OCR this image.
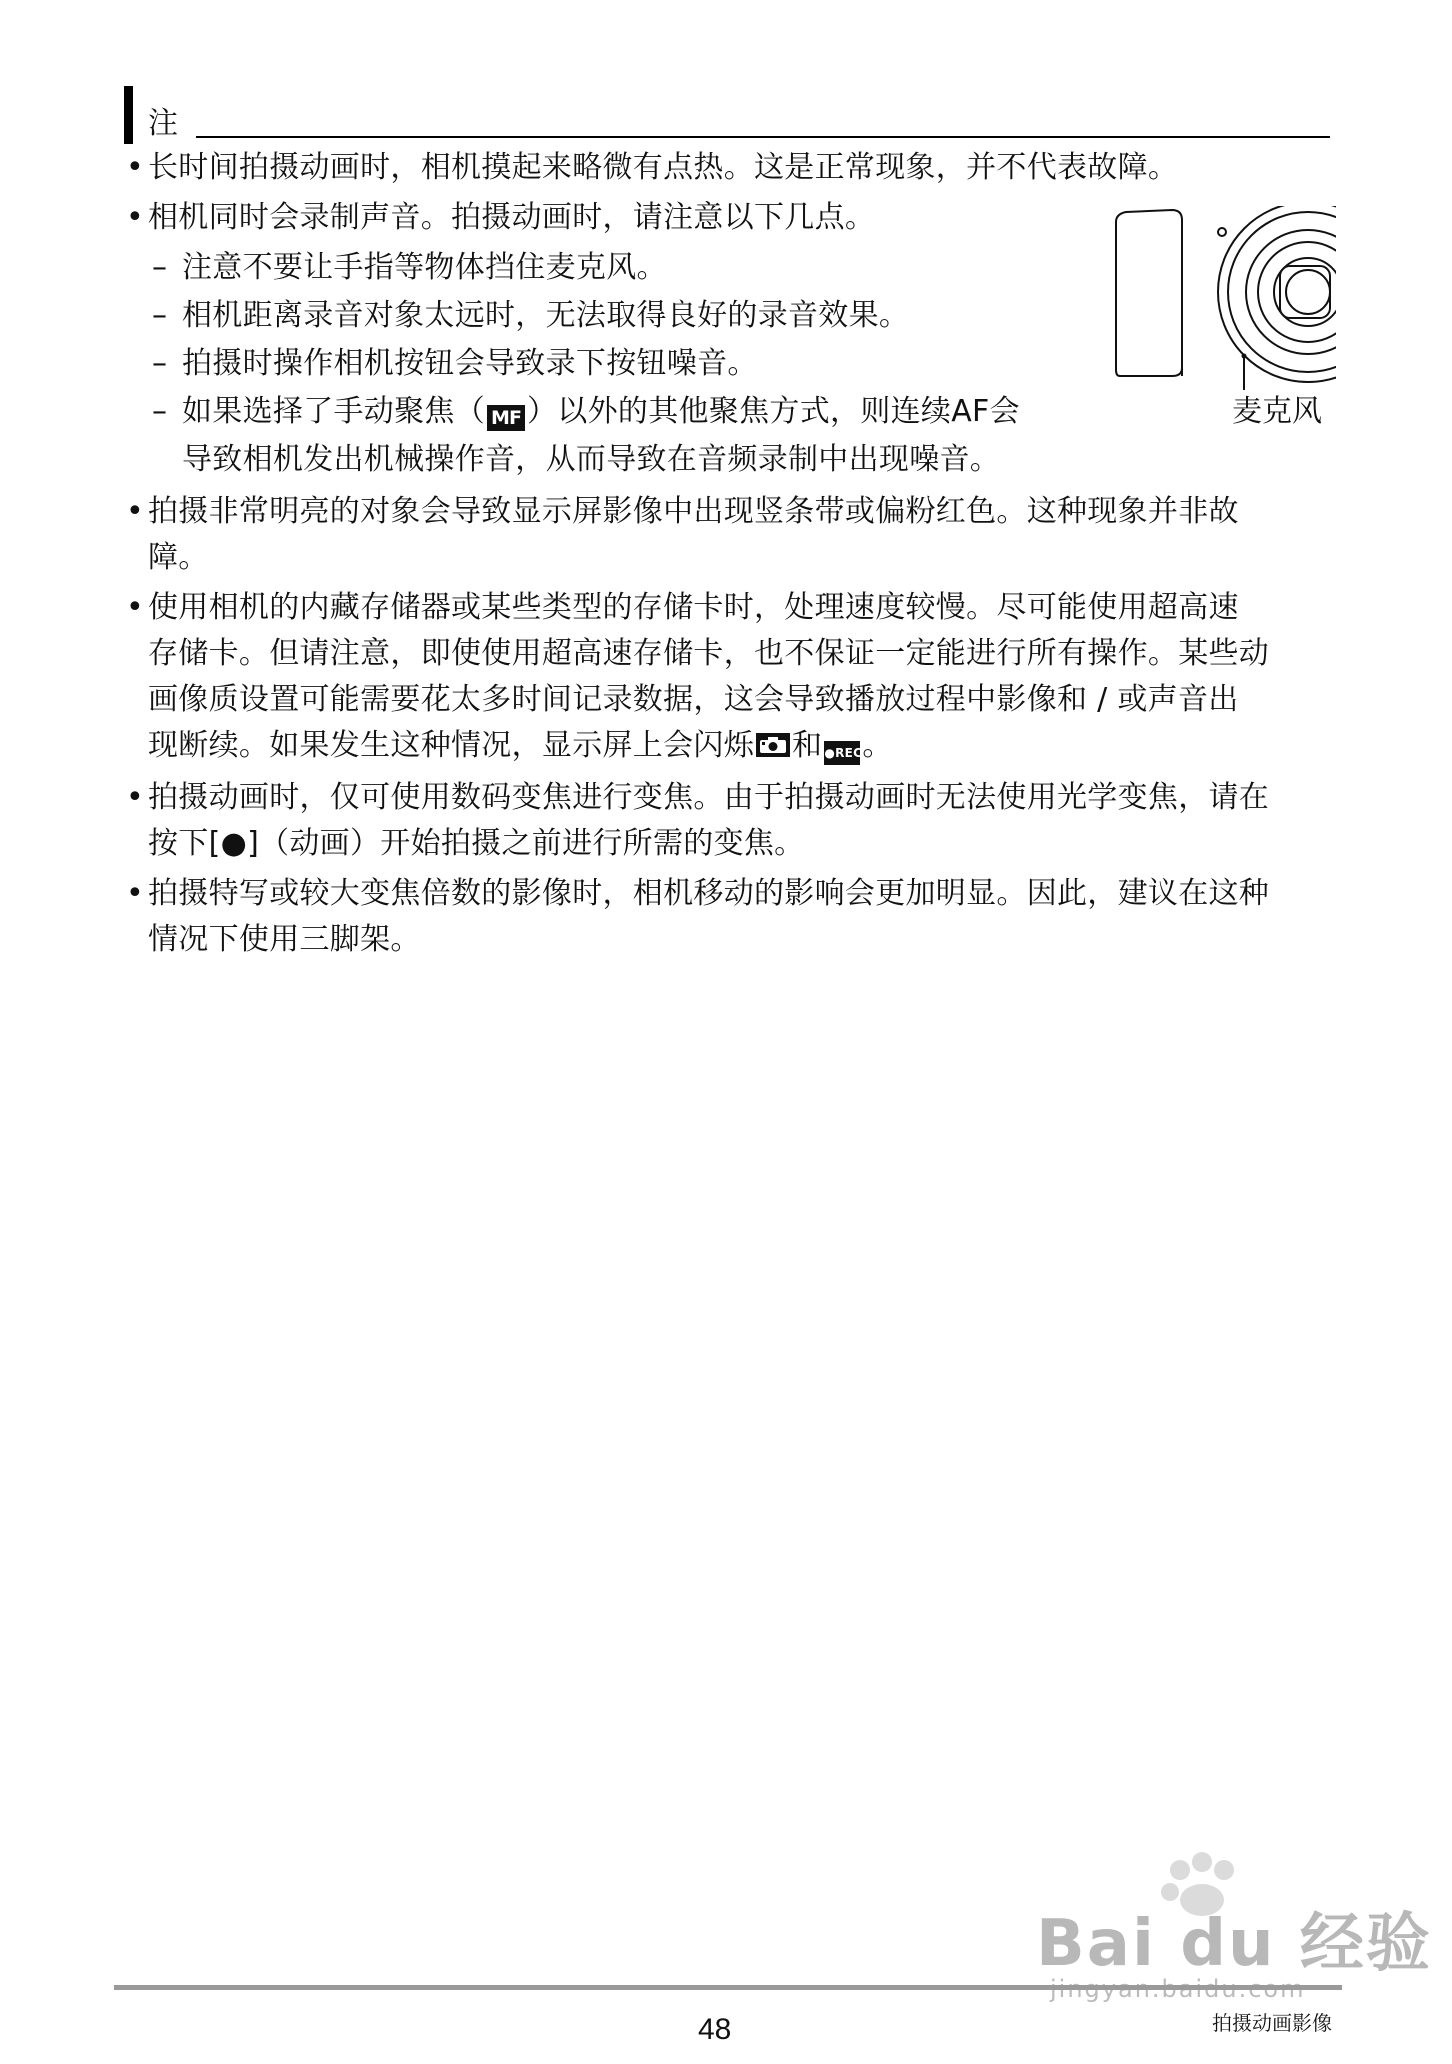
注
• 长时间拍摄动画时，相机摸起来略微有点热。这是正常现象，并不代表故障。
• 相机同时会录制声音。拍摄动画时，请注意以下几点。
– 注意不要让手指等物体挡住麦克风。
– 相机距离录音对象太远时，无法取得良好的录音效果。
– 拍摄时操作相机按钮会导致录下按钮噪音。
– 如果选择了手动聚焦（ MF ）以外的其他聚焦方式，则连续AF会
导致相机发出机械操作音，从而导致在音频录制中出现噪音。
麦克风
• 拍摄非常明亮的对象会导致显示屏影像中出现竖条带或偏粉红色。这种现象并非故
障。
• 使用相机的内藏存储器或某些类型的存储卡时，处理速度较慢。尽可能使用超高速
存储卡。但请注意，即使使用超高速存储卡，也不保证一定能进行所有操作。某些动
画像质设置可能需要花太多时间记录数据，这会导致播放过程中影像和 / 或声音出
现断续。如果发生这种情况，显示屏上会闪烁 和 ●REC。
• 拍摄动画时，仅可使用数码变焦进行变焦。由于拍摄动画时无法使用光学变焦，请在
按下[●]（动画）开始拍摄之前进行所需的变焦。
• 拍摄特写或较大变焦倍数的影像时，相机移动的影响会更加明显。因此，建议在这种
情况下使用三脚架。
Bai du 经验
48	拍摄动画影像
